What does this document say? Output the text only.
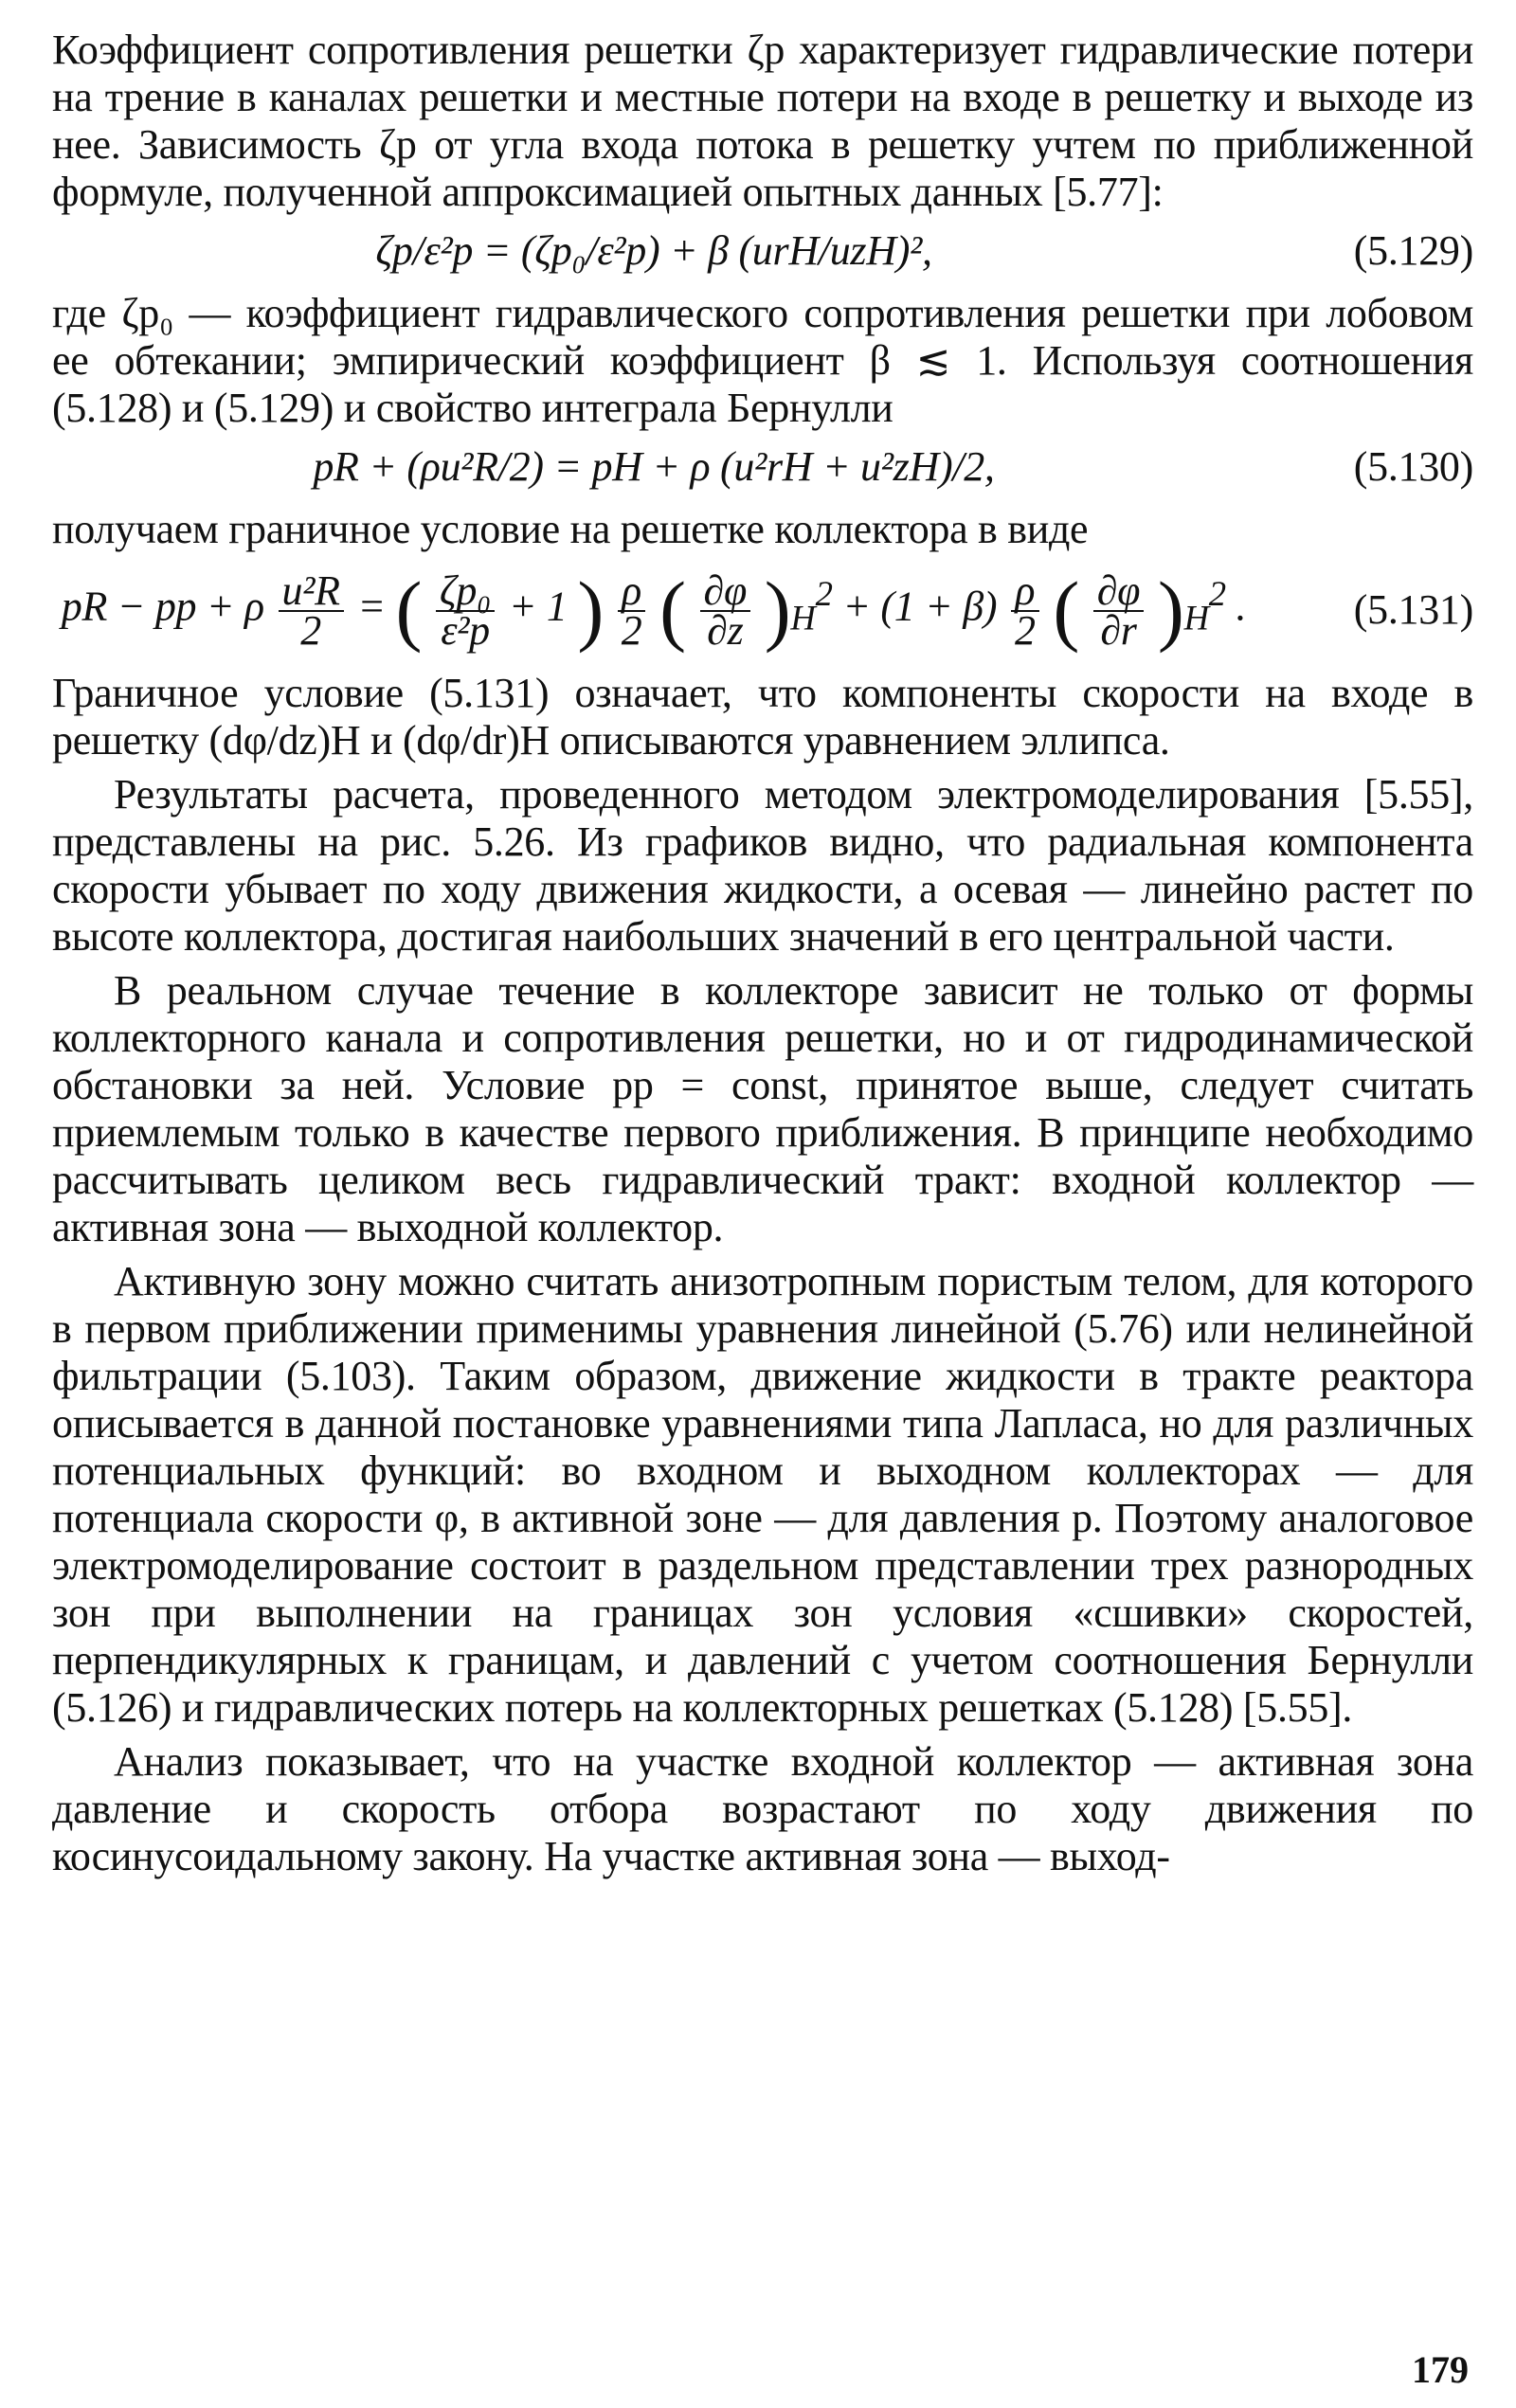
Коэффициент сопротивления решетки ζр характеризует гидравлические потери на трение в каналах решетки и местные потери на входе в решетку и выходе из нее. Зависимость ζр от угла входа потока в решетку учтем по приближенной формуле, полученной аппроксимацией опытных данных [5.77]:

ζр/ε²р = (ζр₀/ε²р) + β (urH/uzH)²,	(5.129)

где ζр₀ — коэффициент гидравлического сопротивления решетки при лобовом ее обтекании; эмпирический коэффициент β ≲ 1. Используя соотношения (5.128) и (5.129) и свойство интеграла Бернулли

pR + (ρu²R/2) = pH + ρ (u²rH + u²zH)/2,	(5.130)

получаем граничное условие на решетке коллектора в виде

pR − pр + ρ $\frac{\text{u²R}}{2}$ = ( $\frac{\text{ζр₀}}{\text{ε²р}} + 1$ ) $\frac{\rho}{2}$ ( $\frac{\partial\varphi}{\partial z} )_H^2 + (1 + \beta) \frac{\rho}{2}$ ( $\frac{\partial\varphi}{\partial r} )_H^2$ .	(5.131)

Граничное условие (5.131) означает, что компоненты скорости на входе в решетку (dφ/dz)H и (dφ/dr)H описываются уравнением эллипса.

Результаты расчета, проведенного методом электромоделирования [5.55], представлены на рис. 5.26. Из графиков видно, что радиальная компонента скорости убывает по ходу движения жидкости, а осевая — линейно растет по высоте коллектора, достигая наибольших значений в его центральной части.

В реальном случае течение в коллекторе зависит не только от формы коллекторного канала и сопротивления решетки, но и от гидродинамической обстановки за ней. Условие pр = const, принятое выше, следует считать приемлемым только в качестве первого приближения. В принципе необходимо рассчитывать целиком весь гидравлический тракт: входной коллектор — активная зона — выходной коллектор.

Активную зону можно считать анизотропным пористым телом, для которого в первом приближении применимы уравнения линейной (5.76) или нелинейной фильтрации (5.103). Таким образом, движение жидкости в тракте реактора описывается в данной постановке уравнениями типа Лапласа, но для различных потенциальных функций: во входном и выходном коллекторах — для потенциала скорости φ, в активной зоне — для давления p. Поэтому аналоговое электромоделирование состоит в раздельном представлении трех разнородных зон при выполнении на границах зон условия «сшивки» скоростей, перпендикулярных к границам, и давлений с учетом соотношения Бернулли (5.126) и гидравлических потерь на коллекторных решетках (5.128) [5.55].

Анализ показывает, что на участке входной коллектор — активная зона давление и скорость отбора возрастают по ходу движения по косинусоидальному закону. На участке активная зона — выход-

179
